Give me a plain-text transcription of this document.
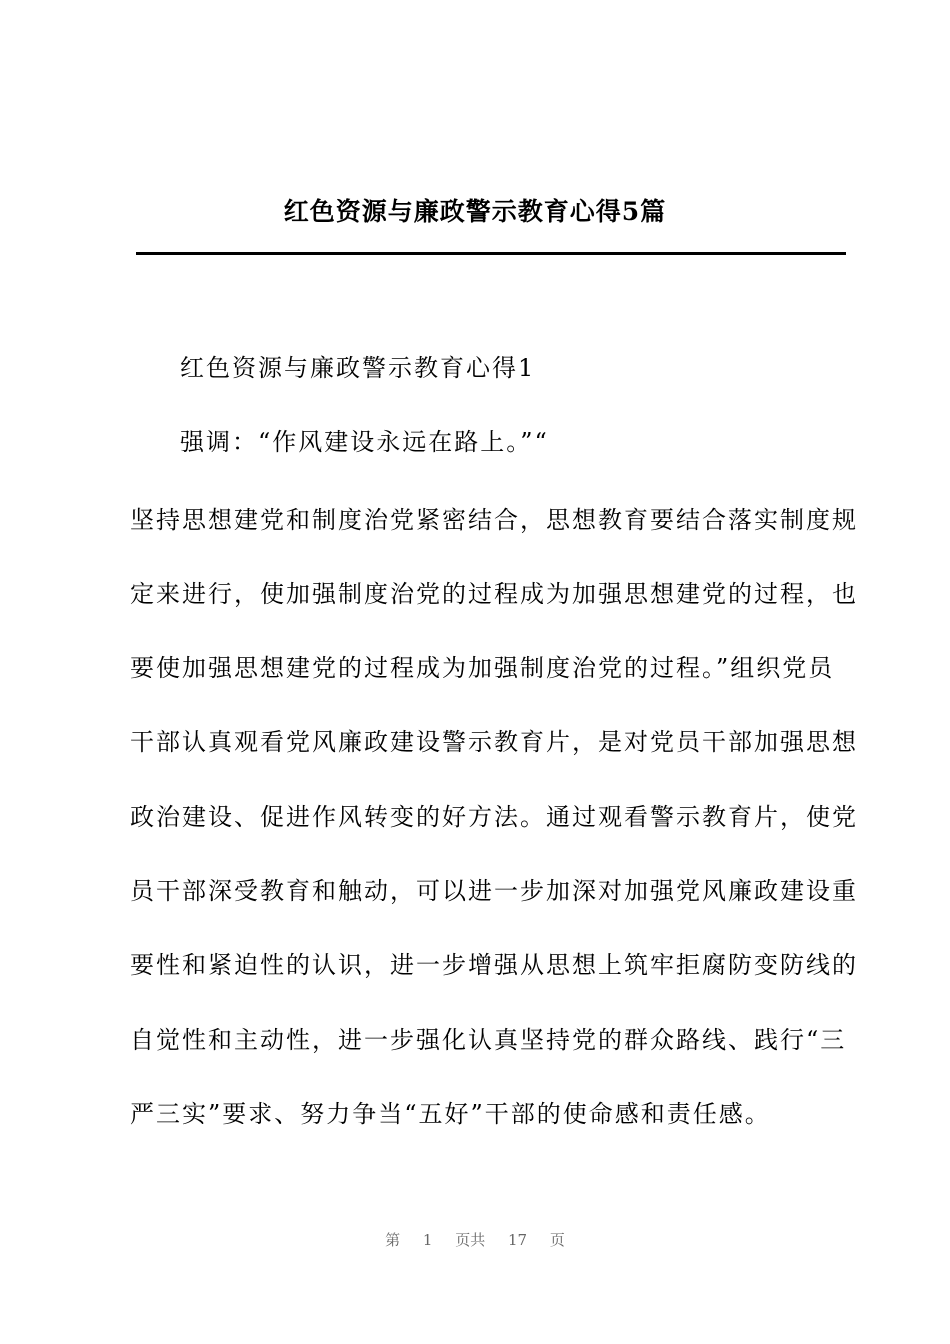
红色资源与廉政警示教育心得5篇
红色资源与廉政警示教育心得1
强调：“作风建设永远在路上。”“
坚持思想建党和制度治党紧密结合，思想教育要结合落实制度规
定来进行，使加强制度治党的过程成为加强思想建党的过程，也
要使加强思想建党的过程成为加强制度治党的过程。”组织党员
干部认真观看党风廉政建设警示教育片，是对党员干部加强思想
政治建设、促进作风转变的好方法。通过观看警示教育片，使党
员干部深受教育和触动，可以进一步加深对加强党风廉政建设重
要性和紧迫性的认识，进一步增强从思想上筑牢拒腐防变防线的
自觉性和主动性，进一步强化认真坚持党的群众路线、践行“三
严三实”要求、努力争当“五好”干部的使命感和责任感。
第 1 页共 17 页
